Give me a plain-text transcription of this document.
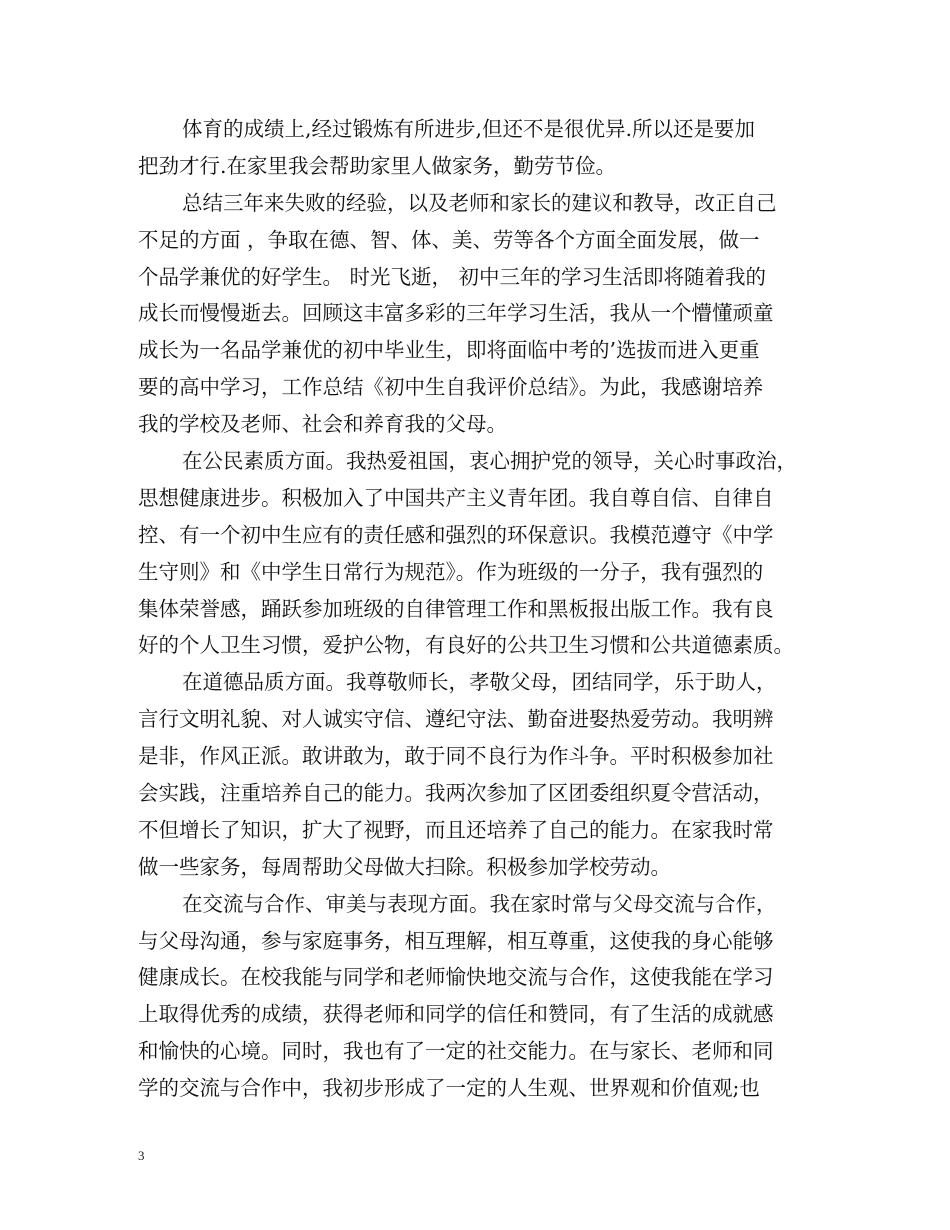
体育的成绩上,经过锻炼有所进步,但还不是很优异.所以还是要加
把劲才行.在家里我会帮助家里人做家务，勤劳节俭。
总结三年来失败的经验，以及老师和家长的建议和教导，改正自己
不足的方面 ，争取在德、智、体、美、劳等各个方面全面发展，做一
个品学兼优的好学生。 时光飞逝， 初中三年的学习生活即将随着我的
成长而慢慢逝去。回顾这丰富多彩的三年学习生活，我从一个懵懂顽童
成长为一名品学兼优的初中毕业生，即将面临中考的’选拔而进入更重
要的高中学习，工作总结《初中生自我评价总结》。为此，我感谢培养
我的学校及老师、社会和养育我的父母。
在公民素质方面。我热爱祖国，衷心拥护党的领导，关心时事政治，
思想健康进步。积极加入了中国共产主义青年团。我自尊自信、自律自
控、有一个初中生应有的责任感和强烈的环保意识。我模范遵守《中学
生守则》和《中学生日常行为规范》。作为班级的一分子，我有强烈的
集体荣誉感，踊跃参加班级的自律管理工作和黑板报出版工作。我有良
好的个人卫生习惯，爱护公物，有良好的公共卫生习惯和公共道德素质。
在道德品质方面。我尊敬师长，孝敬父母，团结同学，乐于助人，
言行文明礼貌、对人诚实守信、遵纪守法、勤奋进娶热爱劳动。我明辨
是非，作风正派。敢讲敢为，敢于同不良行为作斗争。平时积极参加社
会实践，注重培养自己的能力。我两次参加了区团委组织夏令营活动，
不但增长了知识，扩大了视野，而且还培养了自己的能力。在家我时常
做一些家务，每周帮助父母做大扫除。积极参加学校劳动。
在交流与合作、审美与表现方面。我在家时常与父母交流与合作，
与父母沟通，参与家庭事务，相互理解，相互尊重，这使我的身心能够
健康成长。在校我能与同学和老师愉快地交流与合作，这使我能在学习
上取得优秀的成绩，获得老师和同学的信任和赞同，有了生活的成就感
和愉快的心境。同时，我也有了一定的社交能力。在与家长、老师和同
学的交流与合作中，我初步形成了一定的人生观、世界观和价值观;也
3
